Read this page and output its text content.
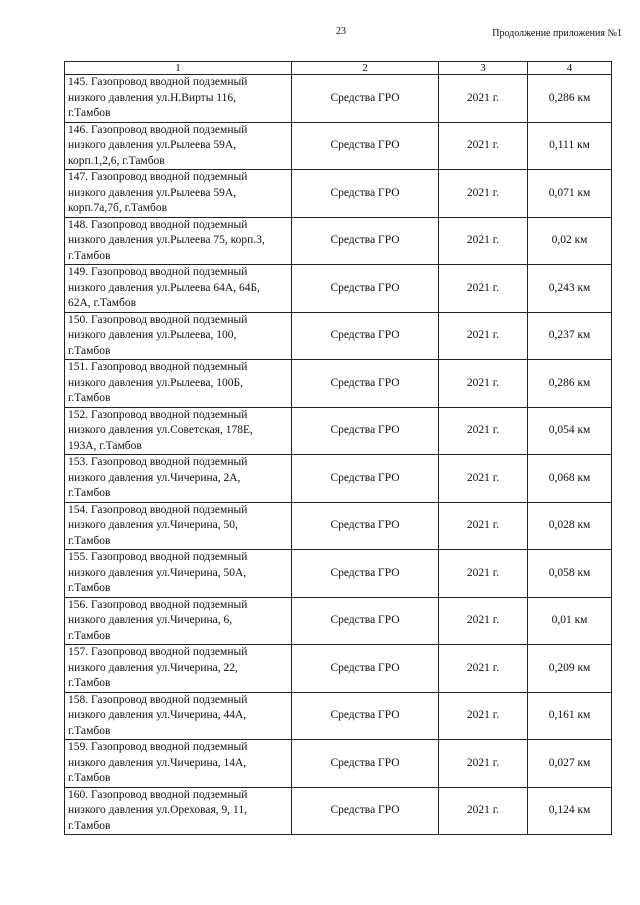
23	Продолжение приложения №1
1	2	3	4

145. Газопровод вводной подземный
низкого давления ул.Н.Вирты 116,
г.Тамбов	Средства ГРО	2021 г.	0,286 км

146. Газопровод вводной подземный
низкого давления ул.Рылеева 59А,
корп.1,2,6, г.Тамбов	Средства ГРО	2021 г.	0,111 км

147. Газопровод вводной подземный
низкого давления ул.Рылеева 59А,
корп.7а,7б, г.Тамбов	Средства ГРО	2021 г.	0,071 км

148. Газопровод вводной подземный
низкого давления ул.Рылеева 75, корп.3,
г.Тамбов	Средства ГРО	2021 г.	0,02 км

149. Газопровод вводной подземный
низкого давления ул.Рылеева 64А, 64Б,
62А, г.Тамбов	Средства ГРО	2021 г.	0,243 км

150. Газопровод вводной подземный
низкого давления ул.Рылеева, 100,
г.Тамбов	Средства ГРО	2021 г.	0,237 км

151. Газопровод вводной подземный
низкого давления ул.Рылеева, 100Б,
г.Тамбов	Средства ГРО	2021 г.	0,286 км

152. Газопровод вводной подземный
низкого давления ул.Советская, 178Е,
193А, г.Тамбов	Средства ГРО	2021 г.	0,054 км

153. Газопровод вводной подземный
низкого давления ул.Чичерина, 2А,
г.Тамбов	Средства ГРО	2021 г.	0,068 км

154. Газопровод вводной подземный
низкого давления ул.Чичерина, 50,
г.Тамбов	Средства ГРО	2021 г.	0,028 км

155. Газопровод вводной подземный
низкого давления ул.Чичерина, 50А,
г.Тамбов	Средства ГРО	2021 г.	0,058 км

156. Газопровод вводной подземный
низкого давления ул.Чичерина, 6,
г.Тамбов	Средства ГРО	2021 г.	0,01 км

157. Газопровод вводной подземный
низкого давления ул.Чичерина, 22,
г.Тамбов	Средства ГРО	2021 г.	0,209 км

158. Газопровод вводной подземный
низкого давления ул.Чичерина, 44А,
г.Тамбов	Средства ГРО	2021 г.	0,161 км

159. Газопровод вводной подземный
низкого давления ул.Чичерина, 14А,
г.Тамбов	Средства ГРО	2021 г.	0,027 км

160. Газопровод вводной подземный
низкого давления ул.Ореховая, 9, 11,
г.Тамбов	Средства ГРО	2021 г.	0,124 км
